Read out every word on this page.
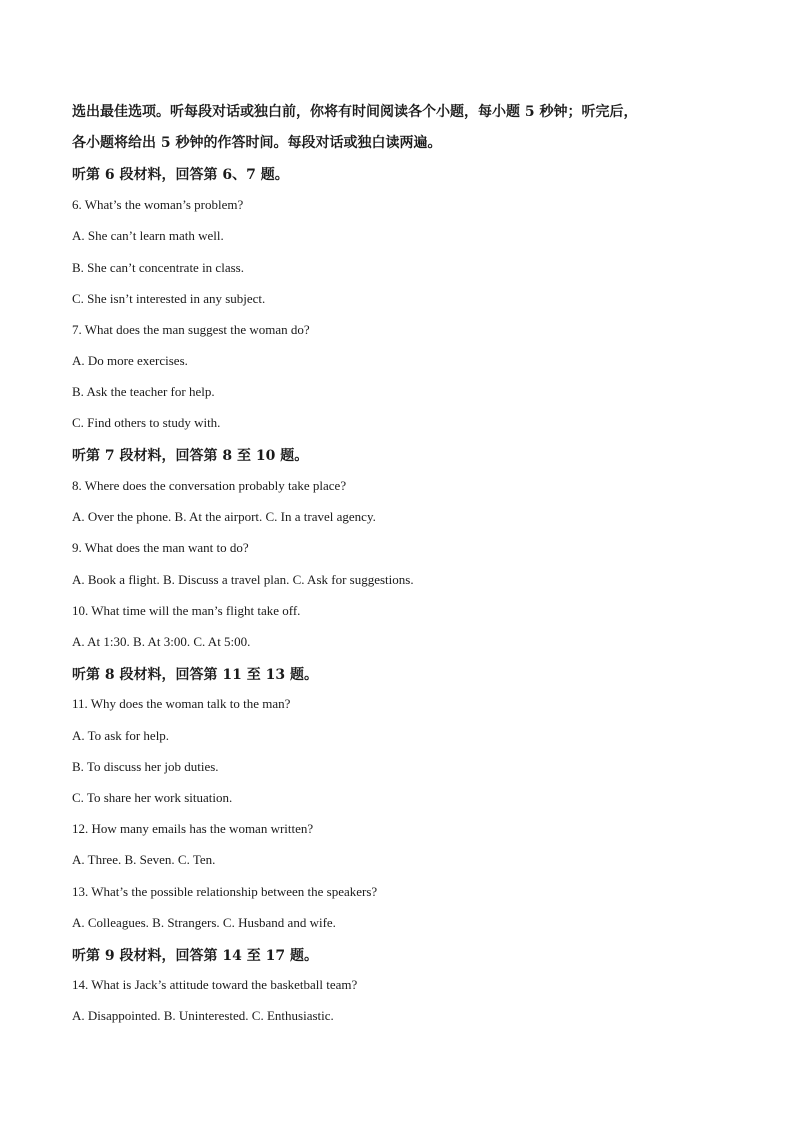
选出最佳选项。听每段对话或独白前，你将有时间阅读各个小题，每小题 5 秒钟；听完后，
各小题将给出 5 秒钟的作答时间。每段对话或独白读两遍。
听第 6 段材料，回答第 6、7 题。
6. What’s the woman’s problem?
A. She can’t learn math well.
B. She can’t concentrate in class.
C. She isn’t interested in any subject.
7. What does the man suggest the woman do?
A. Do more exercises.
B. Ask the teacher for help.
C. Find others to study with.
听第 7 段材料，回答第 8 至 10 题。
8. Where does the conversation probably take place?
A. Over the phone. B. At the airport. C. In a travel agency.
9. What does the man want to do?
A. Book a flight. B. Discuss a travel plan. C. Ask for suggestions.
10. What time will the man’s flight take off.
A. At 1:30. B. At 3:00. C. At 5:00.
听第 8 段材料，回答第 11 至 13 题。
11. Why does the woman talk to the man?
A. To ask for help.
B. To discuss her job duties.
C. To share her work situation.
12. How many emails has the woman written?
A. Three. B. Seven. C. Ten.
13. What’s the possible relationship between the speakers?
A. Colleagues. B. Strangers. C. Husband and wife.
听第 9 段材料，回答第 14 至 17 题。
14. What is Jack’s attitude toward the basketball team?
A. Disappointed. B. Uninterested. C. Enthusiastic.
